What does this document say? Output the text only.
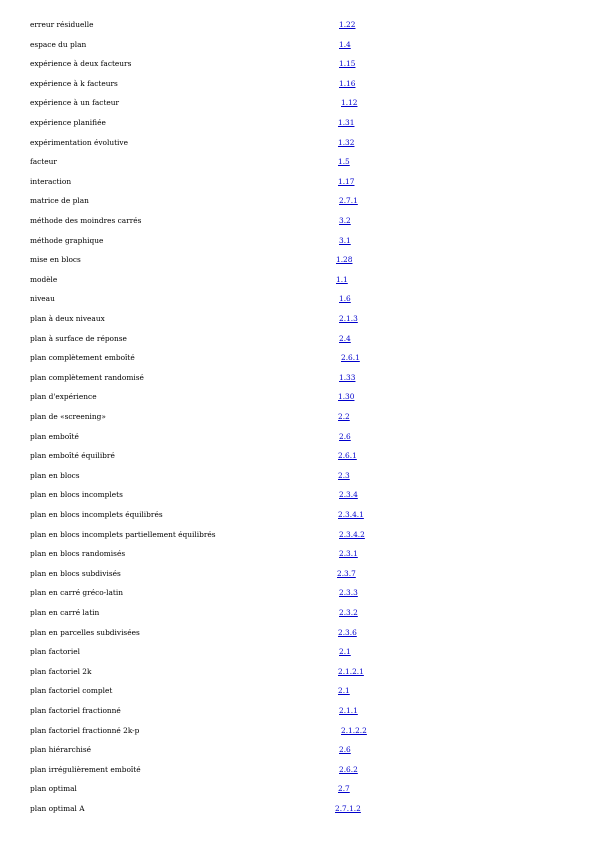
erreur résiduelle	1.22
espace du plan	1.4
expérience à deux facteurs	1.15
expérience à k facteurs	1.16
expérience à un facteur	1.12
expérience planifiée	1.31
expérimentation évolutive	1.32
facteur	1.5
interaction	1.17
matrice de plan	2.7.1
méthode des moindres carrés	3.2
méthode graphique	3.1
mise en blocs	1.28
modèle	1.1
niveau	1.6
plan à deux niveaux	2.1.3
plan à surface de réponse	2.4
plan complètement emboîté	2.6.1
plan complètement randomisé	1.33
plan d'expérience	1.30
plan de «screening»	2.2
plan emboîté	2.6
plan emboîté équilibré	2.6.1
plan en blocs	2.3
plan en blocs incomplets	2.3.4
plan en blocs incomplets équilibrés	2.3.4.1
plan en blocs incomplets partiellement équilibrés	2.3.4.2
plan en blocs randomisés	2.3.1
plan en blocs subdivisés	2.3.7
plan en carré gréco-latin	2.3.3
plan en carré latin	2.3.2
plan en parcelles subdivisées	2.3.6
plan factoriel	2.1
plan factoriel 2k	2.1.2.1
plan factoriel complet	2.1
plan factoriel fractionné	2.1.1
plan factoriel fractionné 2k-p	2.1.2.2
plan hiérarchisé	2.6
plan irrégulièrement emboîté	2.6.2
plan optimal	2.7
plan optimal A	2.7.1.2
